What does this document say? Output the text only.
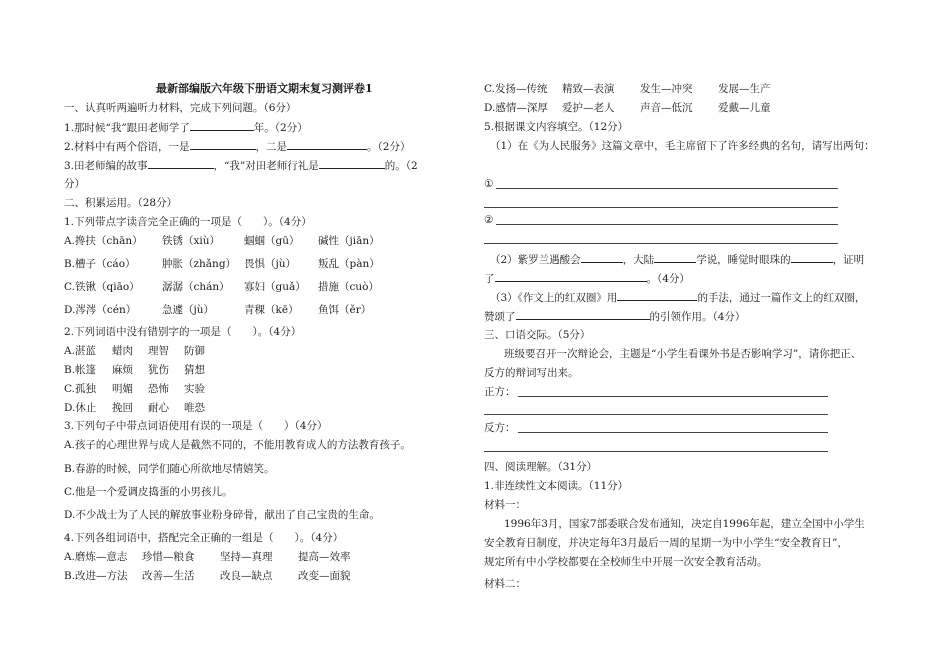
最新部编版六年级下册语文期末复习测评卷1
一、认真听两遍听力材料，完成下列问题。（6分）
1.那时候“我”跟田老师学了	年。（2分）
2.材料中有两个俗语，一是	，二是	。（2分）
3.田老师编的故事	，“我”对田老师行礼是	的。（2
分）
二、积累运用。（28分）
1.下列带点字读音完全正确的一项是（　　）。（4分）
A.搀扶（chān） 铁锈（xiù） 蝈蝈（gū） 碱性（jiān）
B.槽子（cáo）	肿胀（zhǎng） 畏惧（jù） 叛乱（pàn）
C.铁锹（qiāo） 潺潺（chán） 寡妇（guǎ） 措施（cuò）
D.涔涔（cén） 急遽（jù）	青稞（kē） 鱼饵（ěr）
2.下列词语中没有错别字的一项是（　　）。（4分）
A.湛蓝 蜡肉 理智 防御
B.帐篷 麻烦 犹伤 猜想
C.孤独 明媚 恐怖 实验
D.休止 挽回 耐心 唯恐
3.下列句子中带点词语使用有误的一项是（　　）（4分）
A.孩子的心理世界与成人是截然不同的，不能用教育成人的方法教育孩子。
B.春游的时候，同学们随心所欲地尽情嬉笑。
C.他是一个爱调皮捣蛋的小男孩儿。
D.不少战士为了人民的解放事业粉身碎骨，献出了自己宝贵的生命。
4.下列各组词语中，搭配完全正确的一组是（　　）。（4分）
A.磨炼—意志 珍惜—粮食 坚持—真理 提高—效率
B.改进—方法 改善—生活 改良—缺点 改变—面貌
C.发扬—传统 精致—表演 发生—冲突 发展—生产
D.感情—深厚 爱护—老人 声音—低沉 爱戴—儿童
5.根据课文内容填空。（12分）
（1）在《为人民服务》这篇文章中，毛主席留下了许多经典的名句，请写出两句：
①
②
（2）紫罗兰遇酸会	，大陆	学说，睡觉时眼珠的	，证明
了	。（4分）
（3）《作文上的红双圈》用	的手法，通过一篇作文上的红双圈，
赞颂了	的引领作用。（4分）
三、口语交际。（5分）
班级要召开一次辩论会，主题是“小学生看课外书是否影响学习”，请你把正、
反方的辩词写出来。
正方：
反方：
四、阅读理解。（31分）
1.非连续性文本阅读。（11分）
材料一：
1996年3月，国家7部委联合发布通知，决定自1996年起，建立全国中小学生
安全教育日制度，并决定每年3月最后一周的星期一为中小学生“安全教育日”，
规定所有中小学校都要在全校师生中开展一次安全教育活动。
材料二：
